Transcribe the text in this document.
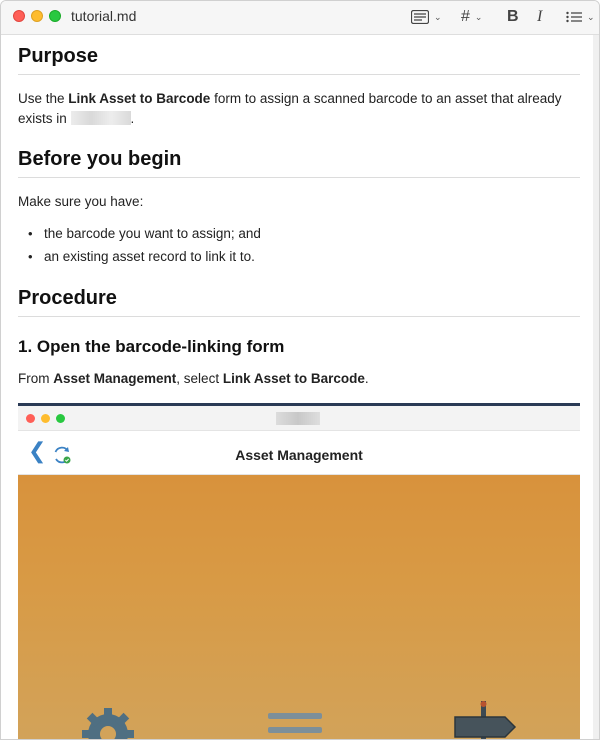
tutorial.md	⌄ # ⌄ B I	⌄
Purpose

Use the Link Asset to Barcode form to assign a scanned barcode to an asset that already exists in	.

Before you begin

Make sure you have:

• the barcode you want to assign; and
• an existing asset record to link it to.
Procedure
1. Open the barcode-linking form

From Asset Management, select Link Asset to Barcode.

❮	Asset Management
